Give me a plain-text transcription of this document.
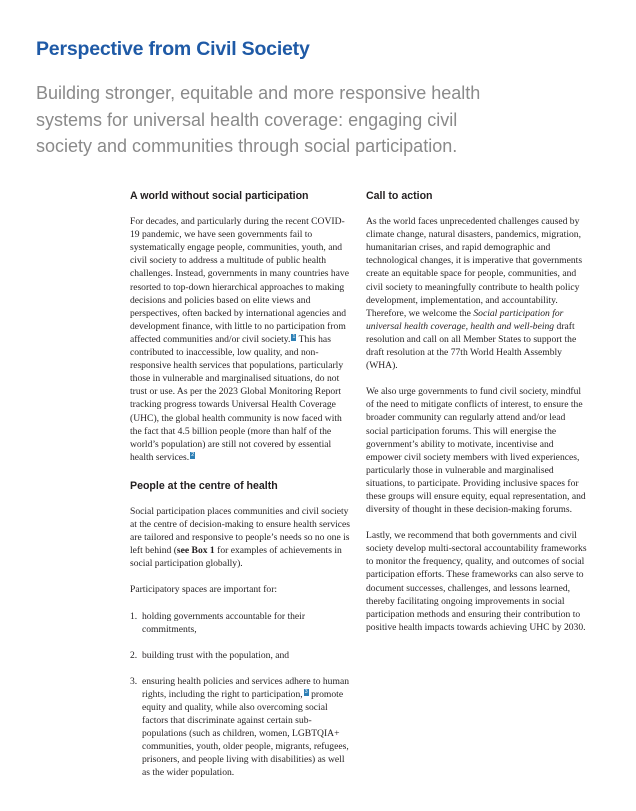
Perspective from Civil Society
Building stronger, equitable and more responsive health systems for universal health coverage: engaging civil society and communities through social participation.
A world without social participation

For decades, and particularly during the recent COVID-19 pandemic, we have seen governments fail to systematically engage people, communities, youth, and civil society to address a multitude of public health challenges. Instead, governments in many countries have resorted to top-down hierarchical approaches to making decisions and policies based on elite views and perspectives, often backed by international agencies and development finance, with little to no participation from affected communities and/or civil society. 1 This has contributed to inaccessible, low quality, and non-responsive health services that populations, particularly those in vulnerable and marginalised situations, do not trust or use. As per the 2023 Global Monitoring Report tracking progress towards Universal Health Coverage (UHC), the global health community is now faced with the fact that 4.5 billion people (more than half of the world’s population) are still not covered by essential health services. 2

People at the centre of health

Social participation places communities and civil society at the centre of decision-making to ensure health services are tailored and responsive to people’s needs so no one is left behind (see Box 1 for examples of achievements in social participation globally).

Participatory spaces are important for:

1. holding governments accountable for their commitments,
2. building trust with the population, and
3. ensuring health policies and services adhere to human rights, including the right to participation, 3 promote equity and quality, while also overcoming social factors that discriminate against certain sub-populations (such as children, women, LGBTQIA+ communities, youth, older people, migrants, refugees, prisoners, and people living with disabilities) as well as the wider population.
Call to action

As the world faces unprecedented challenges caused by climate change, natural disasters, pandemics, migration, humanitarian crises, and rapid demographic and technological changes, it is imperative that governments create an equitable space for people, communities, and civil society to meaningfully contribute to health policy development, implementation, and accountability. Therefore, we welcome the Social participation for universal health coverage, health and well-being draft resolution and call on all Member States to support the draft resolution at the 77th World Health Assembly (WHA).

We also urge governments to fund civil society, mindful of the need to mitigate conflicts of interest, to ensure the broader community can regularly attend and/or lead social participation forums. This will energise the government’s ability to motivate, incentivise and empower civil society members with lived experiences, particularly those in vulnerable and marginalised situations, to participate. Providing inclusive spaces for these groups will ensure equity, equal representation, and diversity of thought in these decision-making forums.

Lastly, we recommend that both governments and civil society develop multi-sectoral accountability frameworks to monitor the frequency, quality, and outcomes of social participation efforts. These frameworks can also serve to document successes, challenges, and lessons learned, thereby facilitating ongoing improvements in social participation methods and ensuring their contribution to positive health impacts towards achieving UHC by 2030.
